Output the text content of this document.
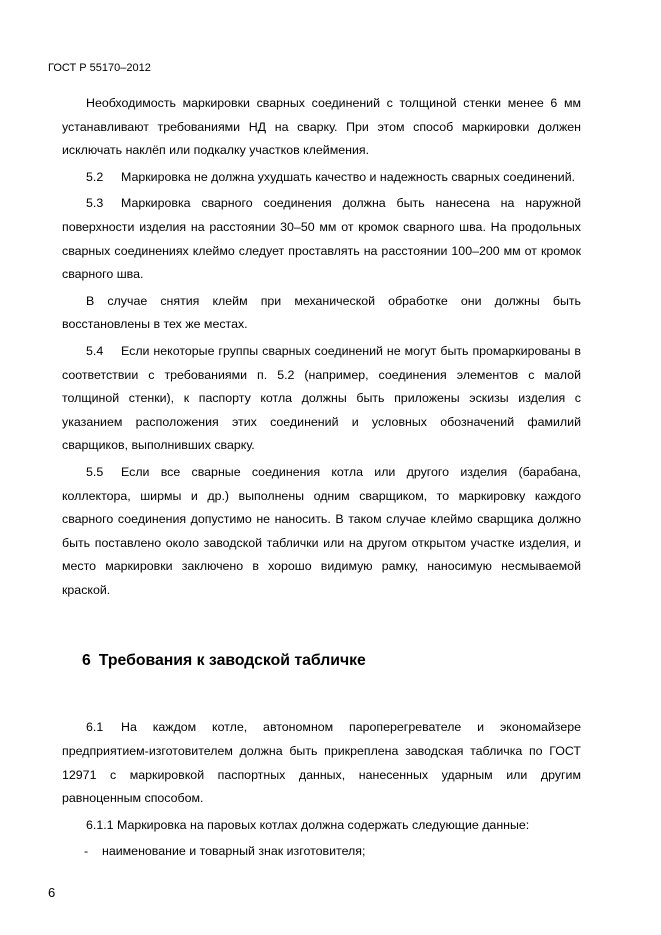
ГОСТ Р 55170–2012

Необходимость маркировки сварных соединений с толщиной стенки менее 6 мм устанавливают требованиями НД на сварку. При этом способ маркировки должен исключать наклёп или подкалку участков клеймения.

5.2 Маркировка не должна ухудшать качество и надежность сварных соединений.

5.3 Маркировка сварного соединения должна быть нанесена на наружной поверхности изделия на расстоянии 30–50 мм от кромок сварного шва. На продольных сварных соединениях клеймо следует проставлять на расстоянии 100–200 мм от кромок сварного шва.

В случае снятия клейм при механической обработке они должны быть восстановлены в тех же местах.

5.4 Если некоторые группы сварных соединений не могут быть промаркированы в соответствии с требованиями п. 5.2 (например, соединения элементов с малой толщиной стенки), к паспорту котла должны быть приложены эскизы изделия с указанием расположения этих соединений и условных обозначений фамилий сварщиков, выполнивших сварку.

5.5 Если все сварные соединения котла или другого изделия (барабана, коллектора, ширмы и др.) выполнены одним сварщиком, то маркировку каждого сварного соединения допустимо не наносить. В таком случае клеймо сварщика должно быть поставлено около заводской таблички или на другом открытом участке изделия, и место маркировки заключено в хорошо видимую рамку, наносимую несмываемой краской.

6 Требования к заводской табличке

6.1 На каждом котле, автономном пароперегревателе и экономайзере предприятием-изготовителем должна быть прикреплена заводская табличка по ГОСТ 12971 с маркировкой паспортных данных, нанесенных ударным или другим равноценным способом.

6.1.1 Маркировка на паровых котлах должна содержать следующие данные:

- наименование и товарный знак изготовителя;
6
